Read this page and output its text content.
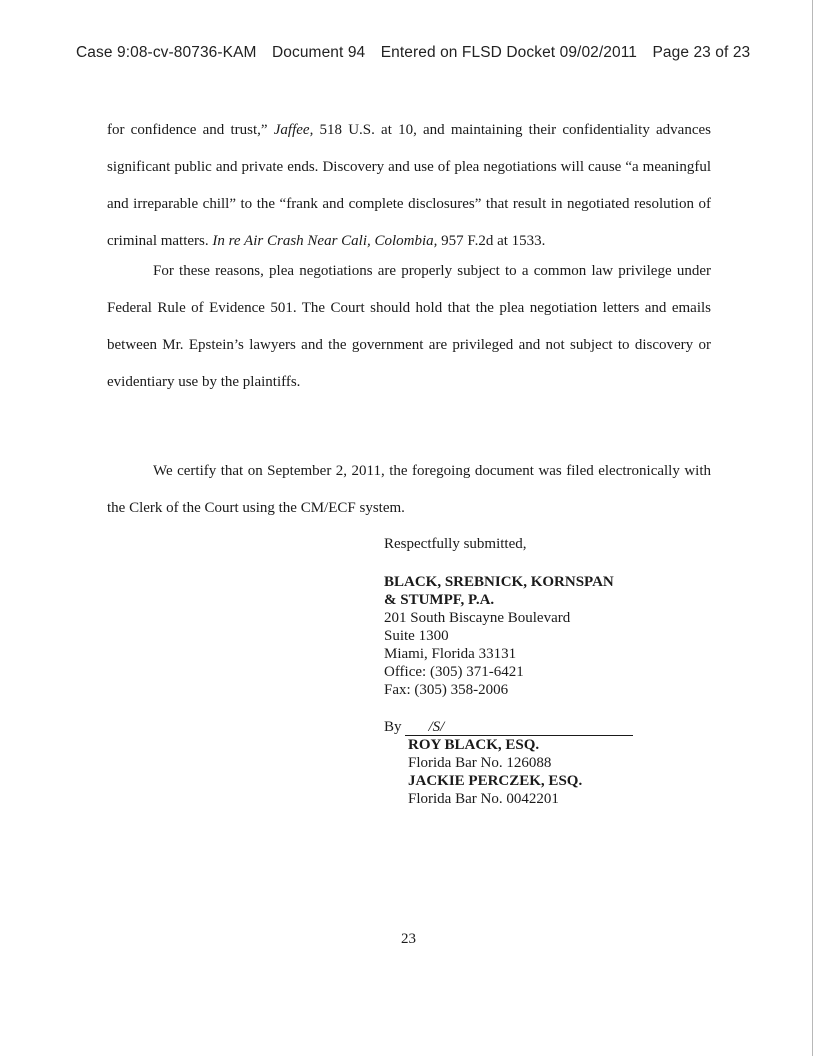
Case 9:08-cv-80736-KAM Document 94 Entered on FLSD Docket 09/02/2011 Page 23 of 23
for confidence and trust,” Jaffee, 518 U.S. at 10, and maintaining their confidentiality advances
significant public and private ends. Discovery and use of plea negotiations will cause “a meaningful
and irreparable chill” to the “frank and complete disclosures” that result in negotiated resolution of
criminal matters. In re Air Crash Near Cali, Colombia, 957 F.2d at 1533.
For these reasons, plea negotiations are properly subject to a common law privilege under
Federal Rule of Evidence 501. The Court should hold that the plea negotiation letters and emails
between Mr. Epstein’s lawyers and the government are privileged and not subject to discovery or
evidentiary use by the plaintiffs.
We certify that on September 2, 2011, the foregoing document was filed electronically with
the Clerk of the Court using the CM/ECF system.
Respectfully submitted,
BLACK, SREBNICK, KORNSPAN
& STUMPF, P.A.
201 South Biscayne Boulevard
Suite 1300
Miami, Florida 33131
Office: (305) 371-6421
Fax: (305) 358-2006
By	/S/
ROY BLACK, ESQ.
Florida Bar No. 126088
JACKIE PERCZEK, ESQ.
Florida Bar No. 0042201
23
